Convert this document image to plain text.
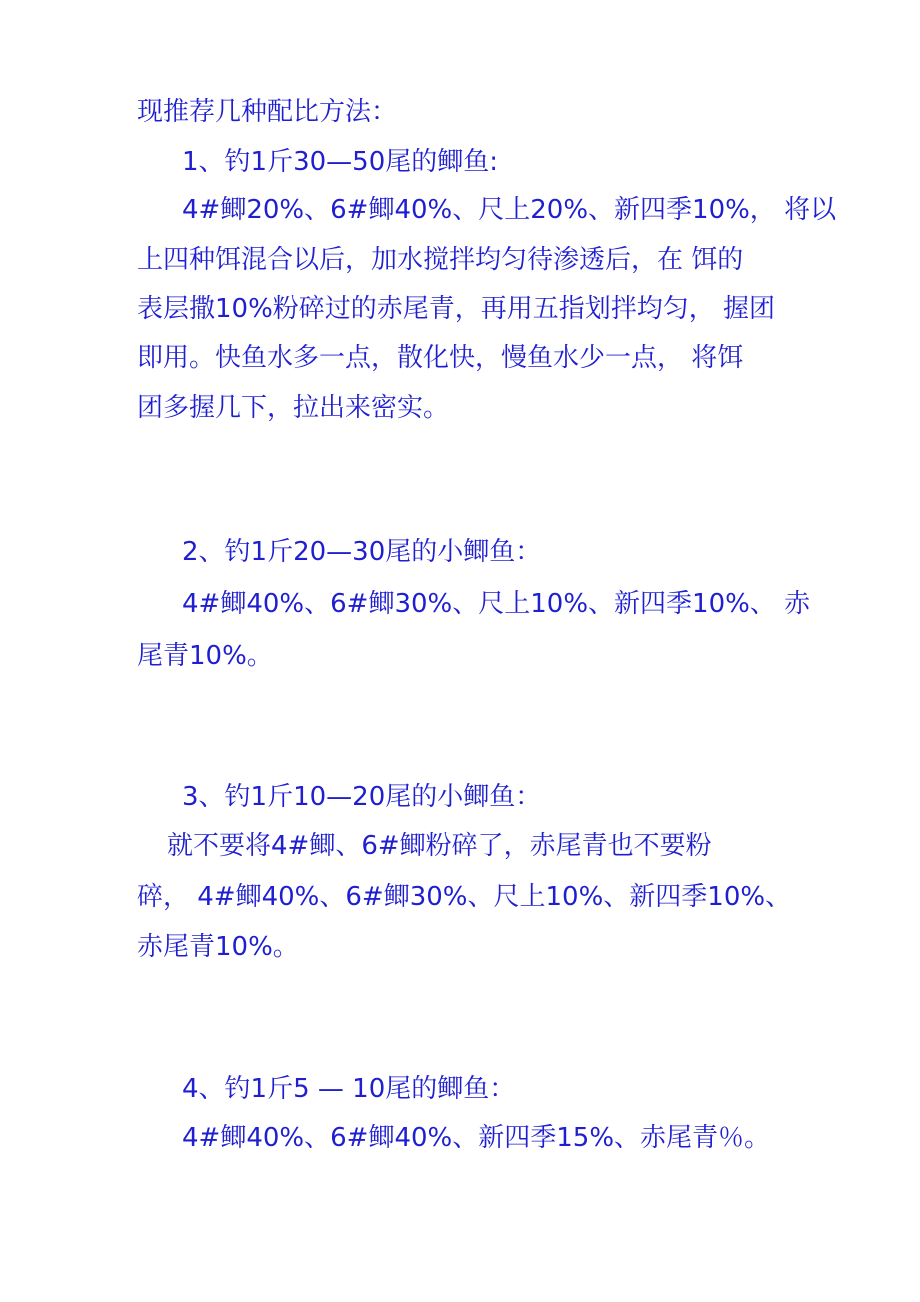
现推荐几种配比方法：
1、钓1斤30—50尾的鲫鱼:
4#鲫20%、6#鲫40%、尺上20%、新四季10%， 将以
上四种饵混合以后，加水搅拌均匀待渗透后，在 饵的
表层撒10%粉碎过的赤尾青，再用五指划拌均匀， 握团
即用。快鱼水多一点，散化快，慢鱼水少一点， 将饵
团多握几下，拉出来密实。
2、钓1斤20—30尾的小鲫鱼：
4#鲫40%、6#鲫30%、尺上10%、新四季10%、 赤
尾青10%。
3、钓1斤10—20尾的小鲫鱼：
就不要将4#鲫、6#鲫粉碎了，赤尾青也不要粉
碎， 4#鲫40%、6#鲫30%、尺上10%、新四季10%、
赤尾青10%。
4、钓1斤5 — 10尾的鲫鱼：
4#鲫40%、6#鲫40%、新四季15%、赤尾青％。
